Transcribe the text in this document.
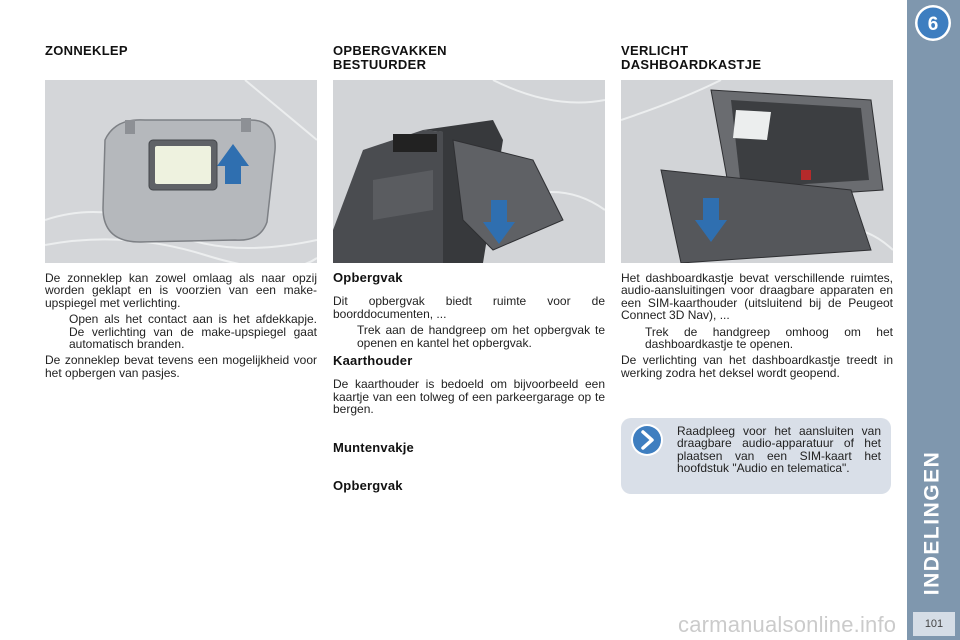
ZONNEKLEP

De zonneklep kan zowel omlaag als naar opzij worden geklapt en is voorzien van een make-upspiegel met verlichting.

Open als het contact aan is het afdekkapje. De verlichting van de make-upspiegel gaat automatisch branden.

De zonneklep bevat tevens een mogelijkheid voor het opbergen van pasjes.

OPBERGVAKKEN
BESTUURDER
Opbergvak

Dit opbergvak biedt ruimte voor de boorddocumenten, ...

Trek aan de handgreep om het opbergvak te openen en kantel het opbergvak.
Kaarthouder

De kaarthouder is bedoeld om bijvoorbeeld een kaartje van een tolweg of een parkeergarage op te bergen.

Muntenvakje
Opbergvak
VERLICHT
DASHBOARDKASTJE

Het dashboardkastje bevat verschillende ruimtes, audio-aansluitingen voor draagbare apparaten en een SIM-kaarthouder (uitsluitend bij de Peugeot Connect 3D Nav), ...

Trek de handgreep omhoog om het dashboardkastje te openen.

De verlichting van het dashboardkastje treedt in werking zodra het deksel wordt geopend.

Raadpleeg voor het aansluiten van draagbare audio-apparatuur of het plaatsen van een SIM-kaart het hoofdstuk "Audio en telematica".
6
INDELINGEN
101
carmanualsonline.info
